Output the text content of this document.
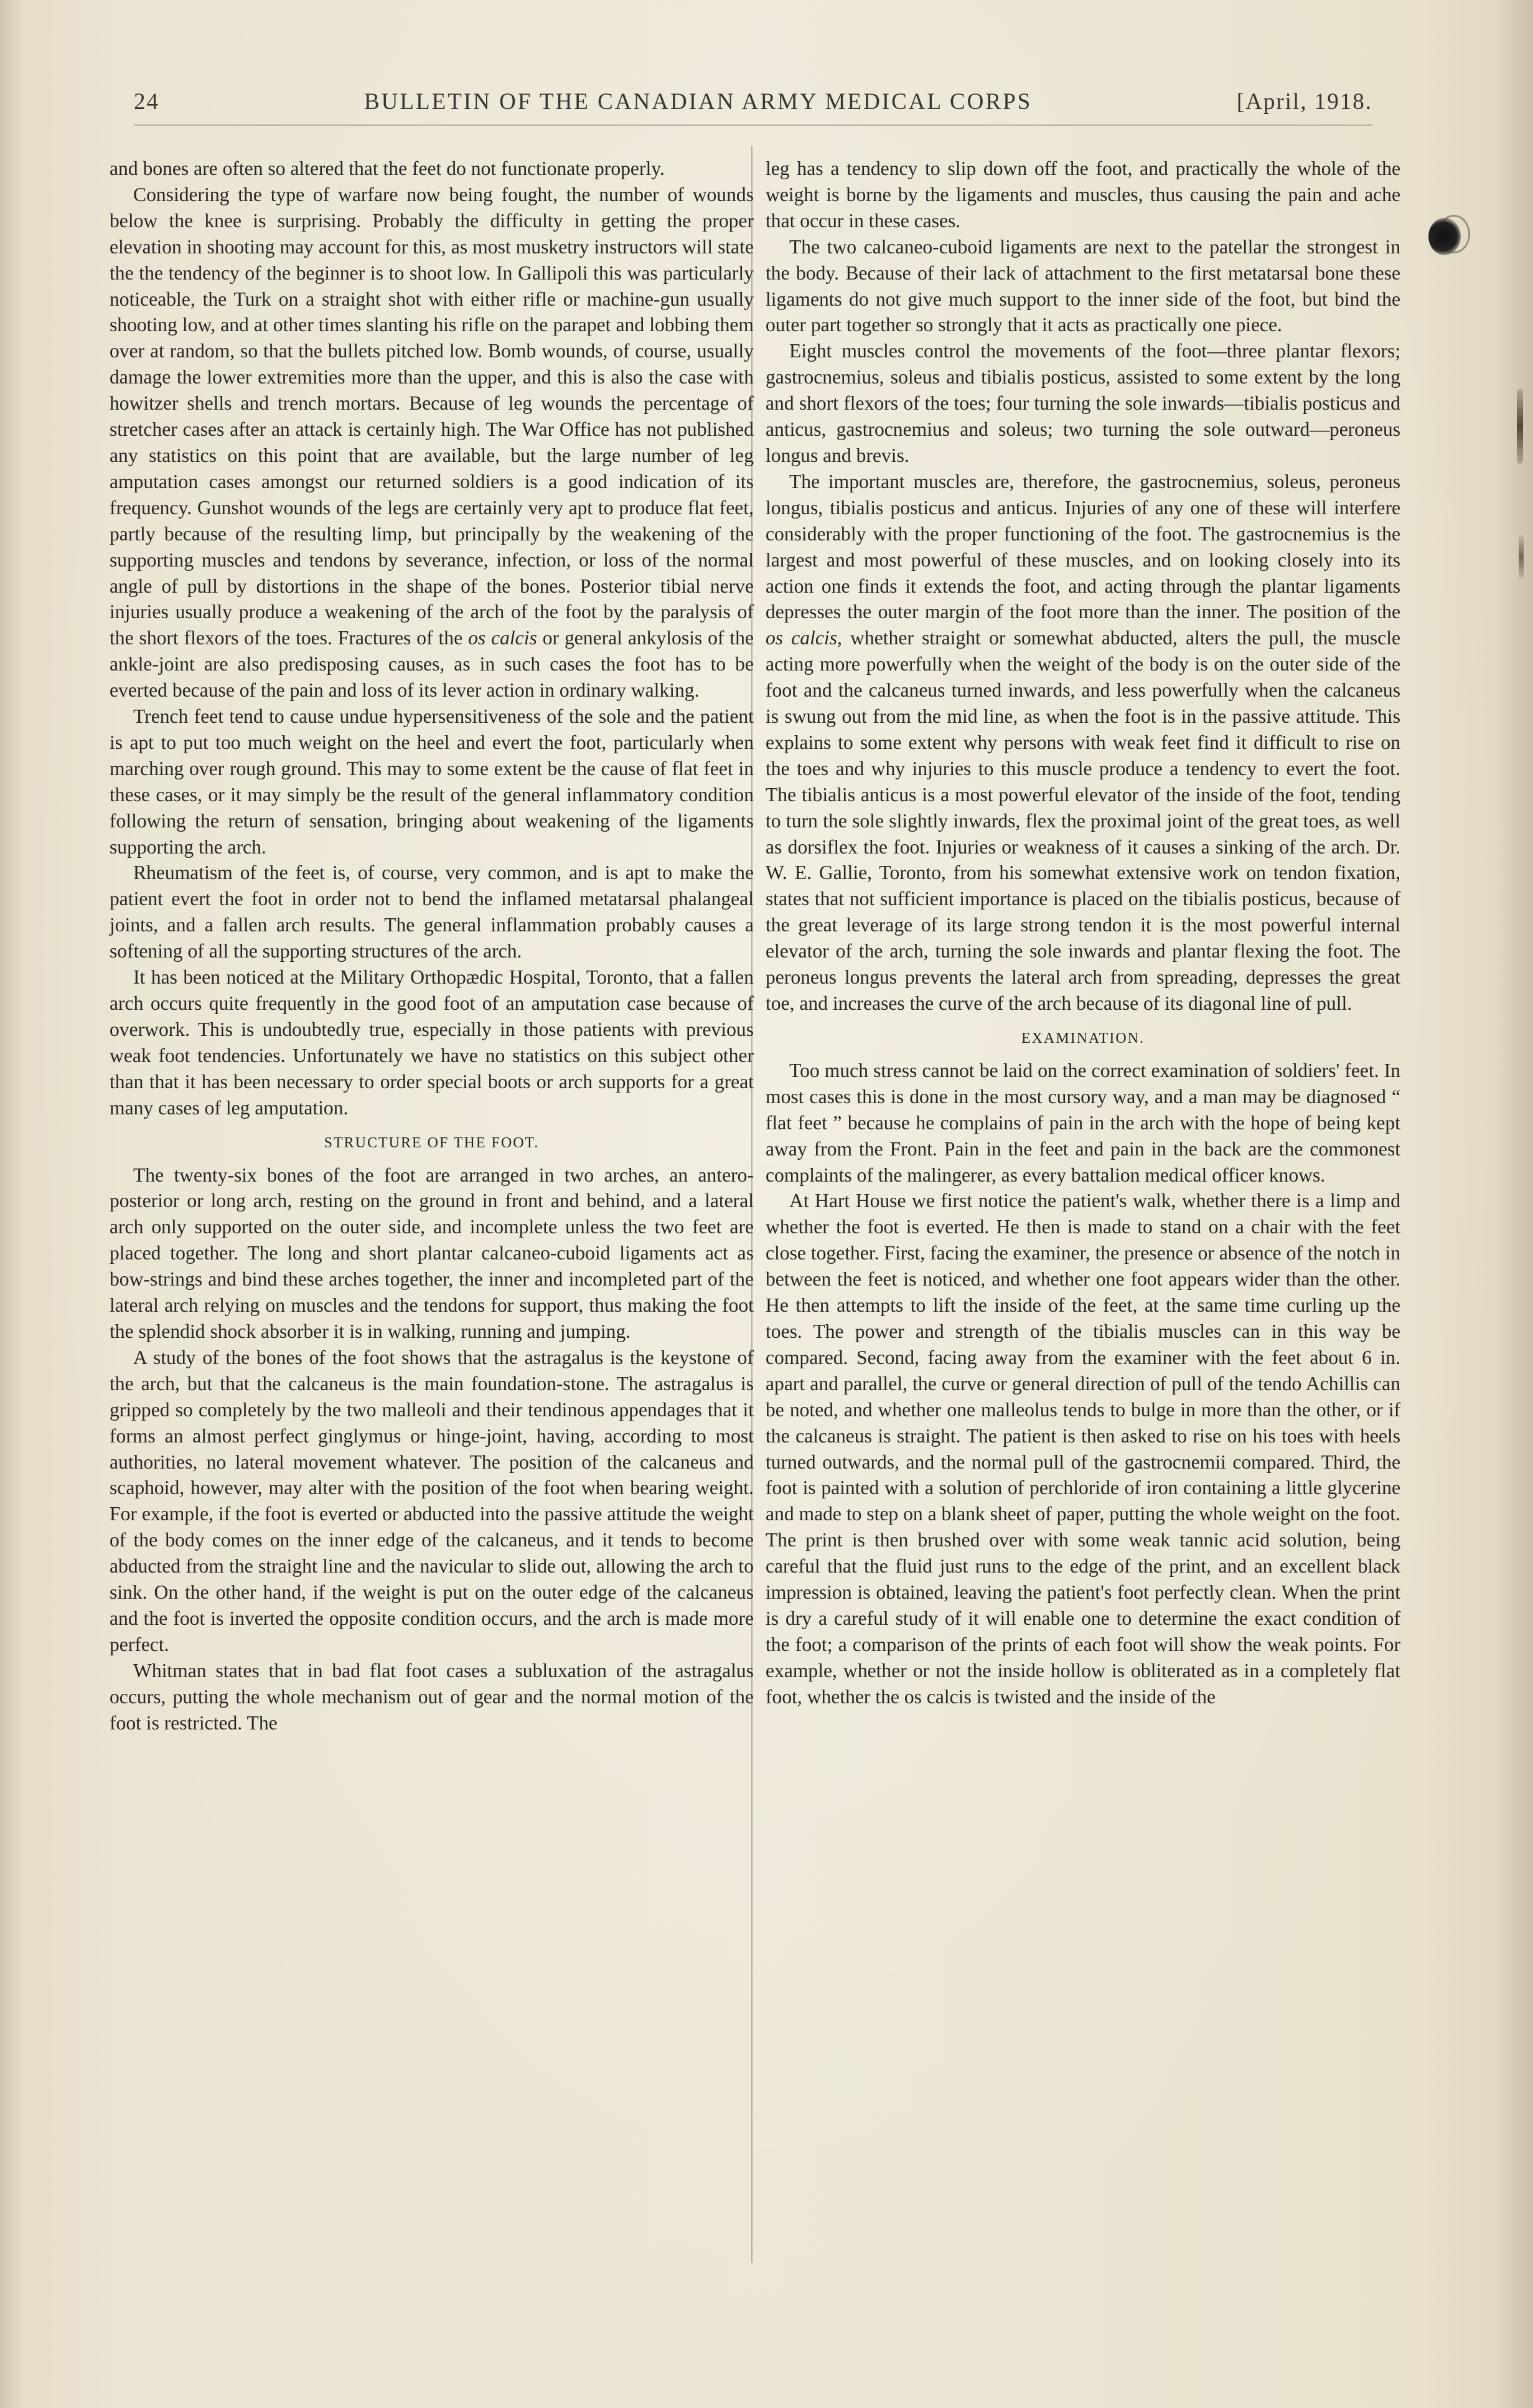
24	BULLETIN OF THE CANADIAN ARMY MEDICAL CORPS	[April, 1918.

and bones are often so altered that the feet do not functionate properly.

Considering the type of warfare now being fought, the number of wounds below the knee is surprising. Probably the difficulty in getting the proper elevation in shooting may account for this, as most musketry instructors will state the the tendency of the beginner is to shoot low. In Gallipoli this was particularly noticeable, the Turk on a straight shot with either rifle or machine-gun usually shooting low, and at other times slanting his rifle on the parapet and lobbing them over at random, so that the bullets pitched low. Bomb wounds, of course, usually damage the lower extremities more than the upper, and this is also the case with howitzer shells and trench mortars. Because of leg wounds the percentage of stretcher cases after an attack is certainly high. The War Office has not published any statistics on this point that are available, but the large number of leg amputation cases amongst our returned soldiers is a good indication of its frequency. Gunshot wounds of the legs are certainly very apt to produce flat feet, partly because of the resulting limp, but principally by the weakening of the supporting muscles and tendons by severance, infection, or loss of the normal angle of pull by distortions in the shape of the bones. Posterior tibial nerve injuries usually produce a weakening of the arch of the foot by the paralysis of the short flexors of the toes. Fractures of the os calcis or general ankylosis of the ankle-joint are also predisposing causes, as in such cases the foot has to be everted because of the pain and loss of its lever action in ordinary walking.

Trench feet tend to cause undue hypersensitiveness of the sole and the patient is apt to put too much weight on the heel and evert the foot, particularly when marching over rough ground. This may to some extent be the cause of flat feet in these cases, or it may simply be the result of the general inflammatory condition following the return of sensation, bringing about weakening of the ligaments supporting the arch.

Rheumatism of the feet is, of course, very common, and is apt to make the patient evert the foot in order not to bend the inflamed metatarsal phalangeal joints, and a fallen arch results. The general inflammation probably causes a softening of all the supporting structures of the arch.

It has been noticed at the Military Orthopædic Hospital, Toronto, that a fallen arch occurs quite frequently in the good foot of an amputation case because of overwork. This is undoubtedly true, especially in those patients with previous weak foot tendencies. Unfortunately we have no statistics on this subject other than that it has been necessary to order special boots or arch supports for a great many cases of leg amputation.

STRUCTURE OF THE FOOT.

The twenty-six bones of the foot are arranged in two arches, an antero-posterior or long arch, resting on the ground in front and behind, and a lateral arch only supported on the outer side, and incomplete unless the two feet are placed together. The long and short plantar calcaneo-cuboid ligaments act as bow-strings and bind these arches together, the inner and incompleted part of the lateral arch relying on muscles and the tendons for support, thus making the foot the splendid shock absorber it is in walking, running and jumping.

A study of the bones of the foot shows that the astragalus is the keystone of the arch, but that the calcaneus is the main foundation-stone. The astragalus is gripped so completely by the two malleoli and their tendinous appendages that it forms an almost perfect ginglymus or hinge-joint, having, according to most authorities, no lateral movement whatever. The position of the calcaneus and scaphoid, however, may alter with the position of the foot when bearing weight. For example, if the foot is everted or abducted into the passive attitude the weight of the body comes on the inner edge of the calcaneus, and it tends to become abducted from the straight line and the navicular to slide out, allowing the arch to sink. On the other hand, if the weight is put on the outer edge of the calcaneus and the foot is inverted the opposite condition occurs, and the arch is made more perfect.

Whitman states that in bad flat foot cases a subluxation of the astragalus occurs, putting the whole mechanism out of gear and the normal motion of the foot is restricted. The

leg has a tendency to slip down off the foot, and practically the whole of the weight is borne by the ligaments and muscles, thus causing the pain and ache that occur in these cases.

The two calcaneo-cuboid ligaments are next to the patellar the strongest in the body. Because of their lack of attachment to the first metatarsal bone these ligaments do not give much support to the inner side of the foot, but bind the outer part together so strongly that it acts as practically one piece.

Eight muscles control the movements of the foot—three plantar flexors; gastrocnemius, soleus and tibialis posticus, assisted to some extent by the long and short flexors of the toes; four turning the sole inwards—tibialis posticus and anticus, gastrocnemius and soleus; two turning the sole outward—peroneus longus and brevis.

The important muscles are, therefore, the gastrocnemius, soleus, peroneus longus, tibialis posticus and anticus. Injuries of any one of these will interfere considerably with the proper functioning of the foot. The gastrocnemius is the largest and most powerful of these muscles, and on looking closely into its action one finds it extends the foot, and acting through the plantar ligaments depresses the outer margin of the foot more than the inner. The position of the os calcis, whether straight or somewhat abducted, alters the pull, the muscle acting more powerfully when the weight of the body is on the outer side of the foot and the calcaneus turned inwards, and less powerfully when the calcaneus is swung out from the mid line, as when the foot is in the passive attitude. This explains to some extent why persons with weak feet find it difficult to rise on the toes and why injuries to this muscle produce a tendency to evert the foot. The tibialis anticus is a most powerful elevator of the inside of the foot, tending to turn the sole slightly inwards, flex the proximal joint of the great toes, as well as dorsiflex the foot. Injuries or weakness of it causes a sinking of the arch. Dr. W. E. Gallie, Toronto, from his somewhat extensive work on tendon fixation, states that not sufficient importance is placed on the tibialis posticus, because of the great leverage of its large strong tendon it is the most powerful internal elevator of the arch, turning the sole inwards and plantar flexing the foot. The peroneus longus prevents the lateral arch from spreading, depresses the great toe, and increases the curve of the arch because of its diagonal line of pull.

EXAMINATION.

Too much stress cannot be laid on the correct examination of soldiers' feet. In most cases this is done in the most cursory way, and a man may be diagnosed “ flat feet ” because he complains of pain in the arch with the hope of being kept away from the Front. Pain in the feet and pain in the back are the commonest complaints of the malingerer, as every battalion medical officer knows.

At Hart House we first notice the patient's walk, whether there is a limp and whether the foot is everted. He then is made to stand on a chair with the feet close together. First, facing the examiner, the presence or absence of the notch in between the feet is noticed, and whether one foot appears wider than the other. He then attempts to lift the inside of the feet, at the same time curling up the toes. The power and strength of the tibialis muscles can in this way be compared. Second, facing away from the examiner with the feet about 6 in. apart and parallel, the curve or general direction of pull of the tendo Achillis can be noted, and whether one malleolus tends to bulge in more than the other, or if the calcaneus is straight. The patient is then asked to rise on his toes with heels turned outwards, and the normal pull of the gastrocnemii compared. Third, the foot is painted with a solution of perchloride of iron containing a little glycerine and made to step on a blank sheet of paper, putting the whole weight on the foot. The print is then brushed over with some weak tannic acid solution, being careful that the fluid just runs to the edge of the print, and an excellent black impression is obtained, leaving the patient's foot perfectly clean. When the print is dry a careful study of it will enable one to determine the exact condition of the foot; a comparison of the prints of each foot will show the weak points. For example, whether or not the inside hollow is obliterated as in a completely flat foot, whether the os calcis is twisted and the inside of the
